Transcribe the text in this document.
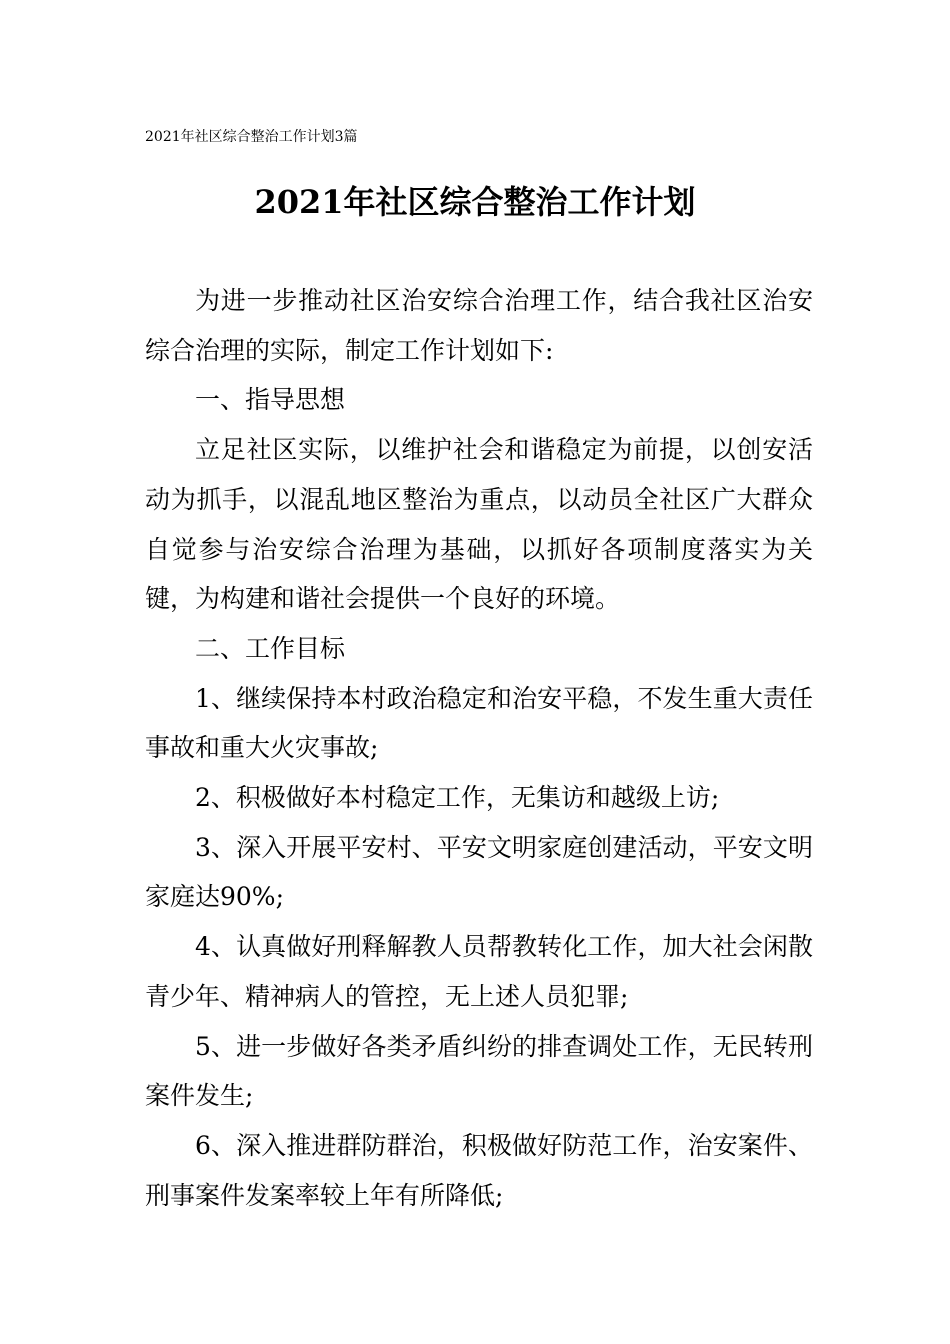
2021年社区综合整治工作计划3篇
2021年社区综合整治工作计划

为进一步推动社区治安综合治理工作，结合我社区治安综合治理的实际，制定工作计划如下:

一、指导思想

立足社区实际，以维护社会和谐稳定为前提，以创安活动为抓手，以混乱地区整治为重点，以动员全社区广大群众自觉参与治安综合治理为基础，以抓好各项制度落实为关键，为构建和谐社会提供一个良好的环境。

二、工作目标

1、继续保持本村政治稳定和治安平稳，不发生重大责任事故和重大火灾事故;

2、积极做好本村稳定工作，无集访和越级上访;

3、深入开展平安村、平安文明家庭创建活动，平安文明家庭达90%;

4、认真做好刑释解教人员帮教转化工作，加大社会闲散青少年、精神病人的管控，无上述人员犯罪;

5、进一步做好各类矛盾纠纷的排查调处工作，无民转刑案件发生;

6、深入推进群防群治，积极做好防范工作，治安案件、刑事案件发案率较上年有所降低;
